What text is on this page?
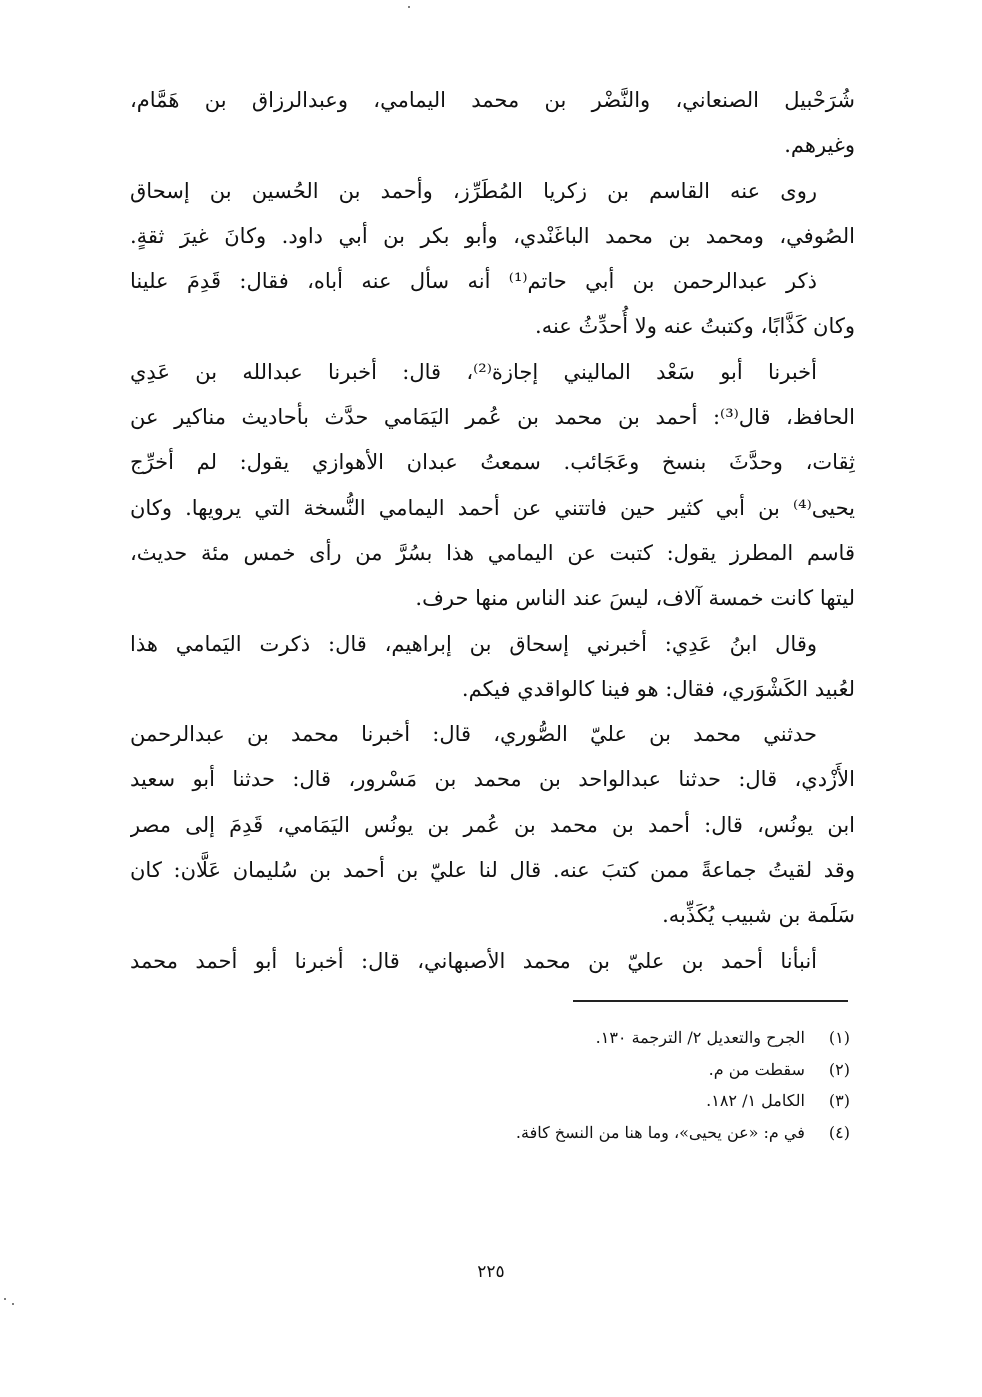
شُرَحْبيل الصنعاني، والنَّضْر بن محمد اليمامي، وعبدالرزاق بن هَمَّام،
وغيرهم.
روى عنه القاسم بن زكريا المُطَرِّز، وأحمد بن الحُسين بن إسحاق
الصُوفي، ومحمد بن محمد الباغَنْدي، وأبو بكر بن أبي داود. وكانَ غيرَ ثقةٍ.
ذكر عبدالرحمن بن أبي حاتم⁽¹⁾ أنه سأل عنه أباه، فقال: قَدِمَ علينا
وكان كَذَّابًا، وكتبتُ عنه ولا أُحدِّثُ عنه.
أخبرنا أبو سَعْد الماليني إجازة⁽²⁾، قال: أخبرنا عبدالله بن عَدِي
الحافظ، قال⁽³⁾: أحمد بن محمد بن عُمر اليَمَامي حدَّث بأحاديث مناكير عن
ثِقات، وحدَّثَ بنسخ وعَجَائب. سمعتُ عبدان الأهوازي يقول: لم أخرِّج
يحيى⁽⁴⁾ بن أبي كثير حين فاتتني عن أحمد اليمامي النُّسخة التي يرويها. وكان
قاسم المطرز يقول: كتبت عن اليمامي هذا بسُرَّ من رأى خمس مئة حديث،
ليتها كانت خمسة آلاف، ليسَ عند الناس منها حرف.
وقال ابنُ عَدِي: أخبرني إسحاق بن إبراهيم، قال: ذكرت اليَمامي هذا
لعُبيد الكَشْوَري، فقال: هو فينا كالواقدي فيكم.
حدثني محمد بن عليّ الصُّوري، قال: أخبرنا محمد بن عبدالرحمن
الأَزْدي، قال: حدثنا عبدالواحد بن محمد بن مَسْرور، قال: حدثنا أبو سعيد
ابن يونُس، قال: أحمد بن محمد بن عُمر بن يونُس اليَمَامي، قَدِمَ إلى مصر
وقد لقيتُ جماعةً ممن كتبَ عنه. قال لنا عليّ بن أحمد بن سُليمان عَلَّان: كان
سَلَمة بن شبيب يُكَذِّبه.
أنبأنا أحمد بن عليّ بن محمد الأصبهاني، قال: أخبرنا أبو أحمد محمد
(١) الجرح والتعديل ٢/ الترجمة ١٣٠.
(٢) سقطت من م.
(٣) الكامل ١/ ١٨٢.
(٤) في م: «عن يحيى»، وما هنا من النسخ كافة.
٢٢٥
